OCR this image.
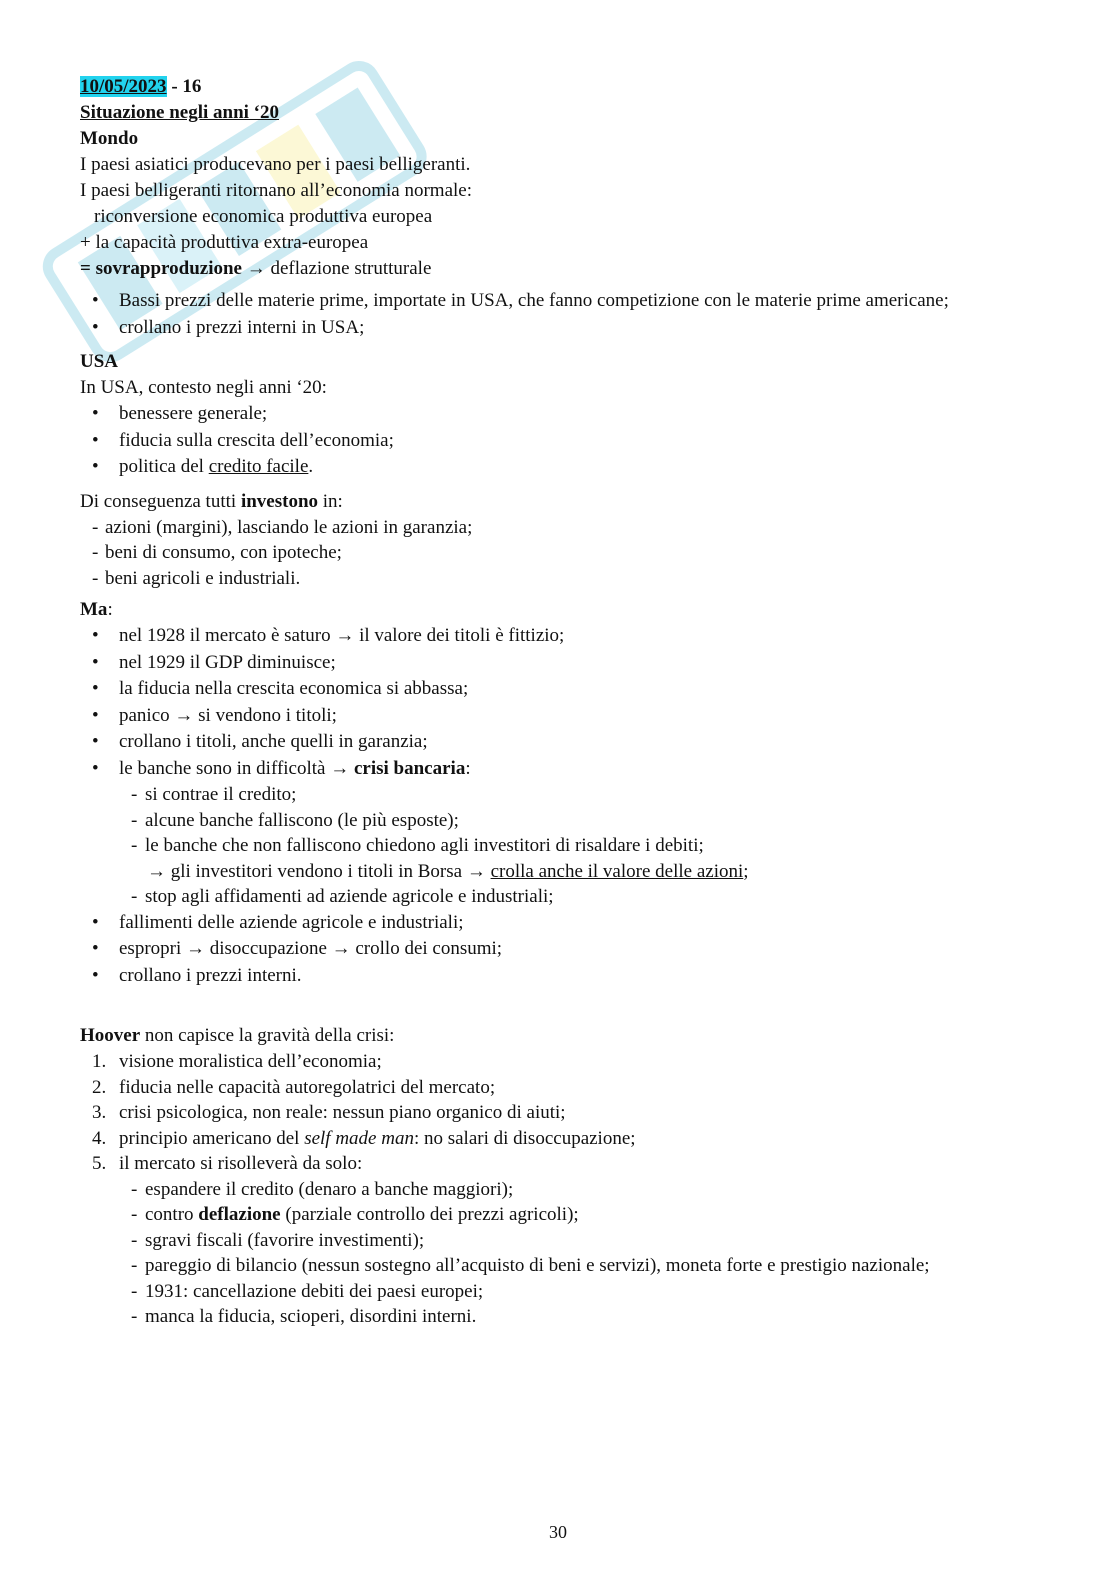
10/05/2023 - 16
Situazione negli anni ‘20
Mondo
I paesi asiatici producevano per i paesi belligeranti.
I paesi belligeranti ritornano all’economia normale:
riconversione economica produttiva europea
+ la capacità produttiva extra-europea
= sovrapproduzione → deflazione strutturale
• Bassi prezzi delle materie prime, importate in USA, che fanno competizione con le materie prime americane;
• crollano i prezzi interni in USA;
USA
In USA, contesto negli anni ‘20:
• benessere generale;
• fiducia sulla crescita dell’economia;
• politica del credito facile.
Di conseguenza tutti investono in:
- azioni (margini), lasciando le azioni in garanzia;
- beni di consumo, con ipoteche;
- beni agricoli e industriali.
Ma:
• nel 1928 il mercato è saturo → il valore dei titoli è fittizio;
• nel 1929 il GDP diminuisce;
• la fiducia nella crescita economica si abbassa;
• panico → si vendono i titoli;
• crollano i titoli, anche quelli in garanzia;
• le banche sono in difficoltà → crisi bancaria:
- si contrae il credito;
- alcune banche falliscono (le più esposte);
- le banche che non falliscono chiedono agli investitori di risaldare i debiti;
→ gli investitori vendono i titoli in Borsa → crolla anche il valore delle azioni;
- stop agli affidamenti ad aziende agricole e industriali;
• fallimenti delle aziende agricole e industriali;
• espropri → disoccupazione → crollo dei consumi;
• crollano i prezzi interni.
Hoover non capisce la gravità della crisi:
1. visione moralistica dell’economia;
2. fiducia nelle capacità autoregolatrici del mercato;
3. crisi psicologica, non reale: nessun piano organico di aiuti;
4. principio americano del self made man: no salari di disoccupazione;
5. il mercato si risolleverà da solo:
- espandere il credito (denaro a banche maggiori);
- contro deflazione (parziale controllo dei prezzi agricoli);
- sgravi fiscali (favorire investimenti);
- pareggio di bilancio (nessun sostegno all’acquisto di beni e servizi), moneta forte e prestigio nazionale;
- 1931: cancellazione debiti dei paesi europei;
- manca la fiducia, scioperi, disordini interni.
30
